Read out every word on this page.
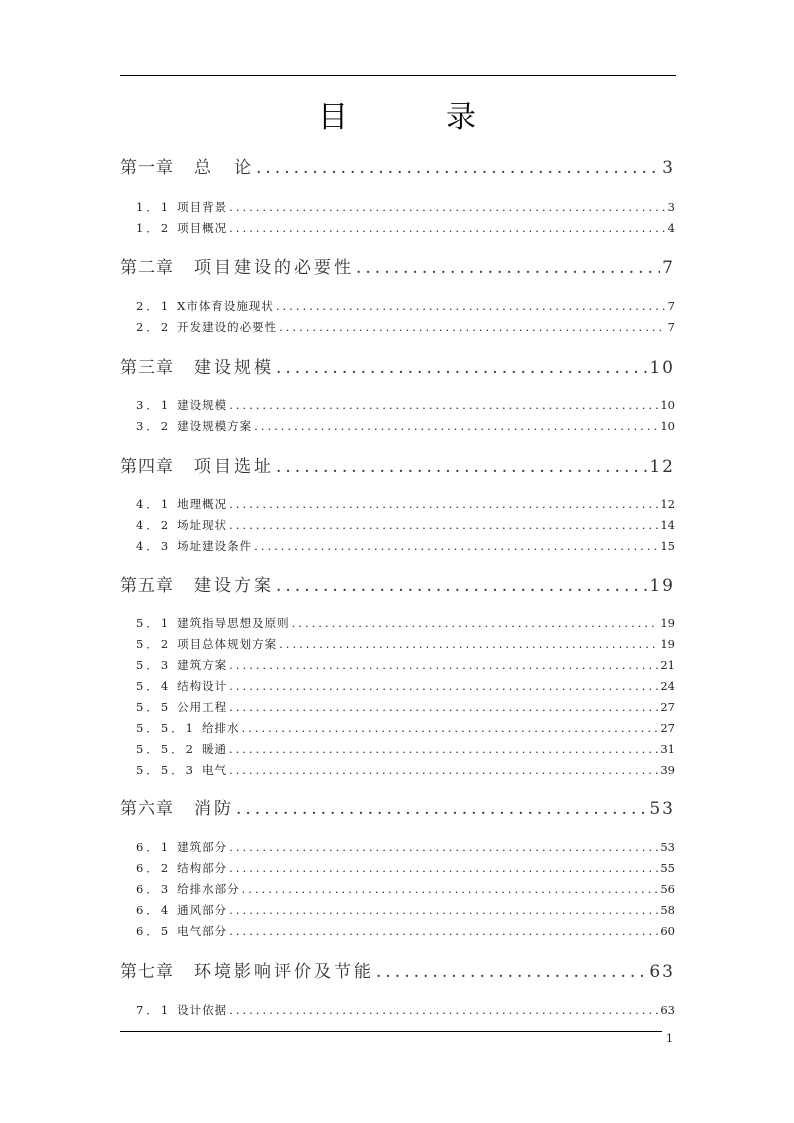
目　录
第一章 总　论 .....	3
1．1 项目背景 .....	3
1．2 项目概况 .....	4
第二章 项目建设的必要性 .....	7
2．1 X市体育设施现状 .....	7
2．2 开发建设的必要性 .....	7
第三章 建设规模 .....	10
3．1 建设规模 .....	10
3．2 建设规模方案 .....	10
第四章 项目选址 .....	12
4．1 地理概况 .....	12
4．2 场址现状 .....	14
4．3 场址建设条件 .....	15
第五章 建设方案 .....	19
5．1 建筑指导思想及原则 .....	19
5．2 项目总体规划方案 .....	19
5．3 建筑方案 .....	21
5．4 结构设计 .....	24
5．5 公用工程 .....	27
5．5．1 给排水 .....	27
5．5．2 暖通 .....	31
5．5．3 电气 .....	39
第六章 消防 .....	53
6．1 建筑部分 .....	53
6．2 结构部分 .....	55
6．3 给排水部分 .....	56
6．4 通风部分 .....	58
6．5 电气部分 .....	60
第七章 环境影响评价及节能 .....	63
7．1 设计依据 .....	63
1
